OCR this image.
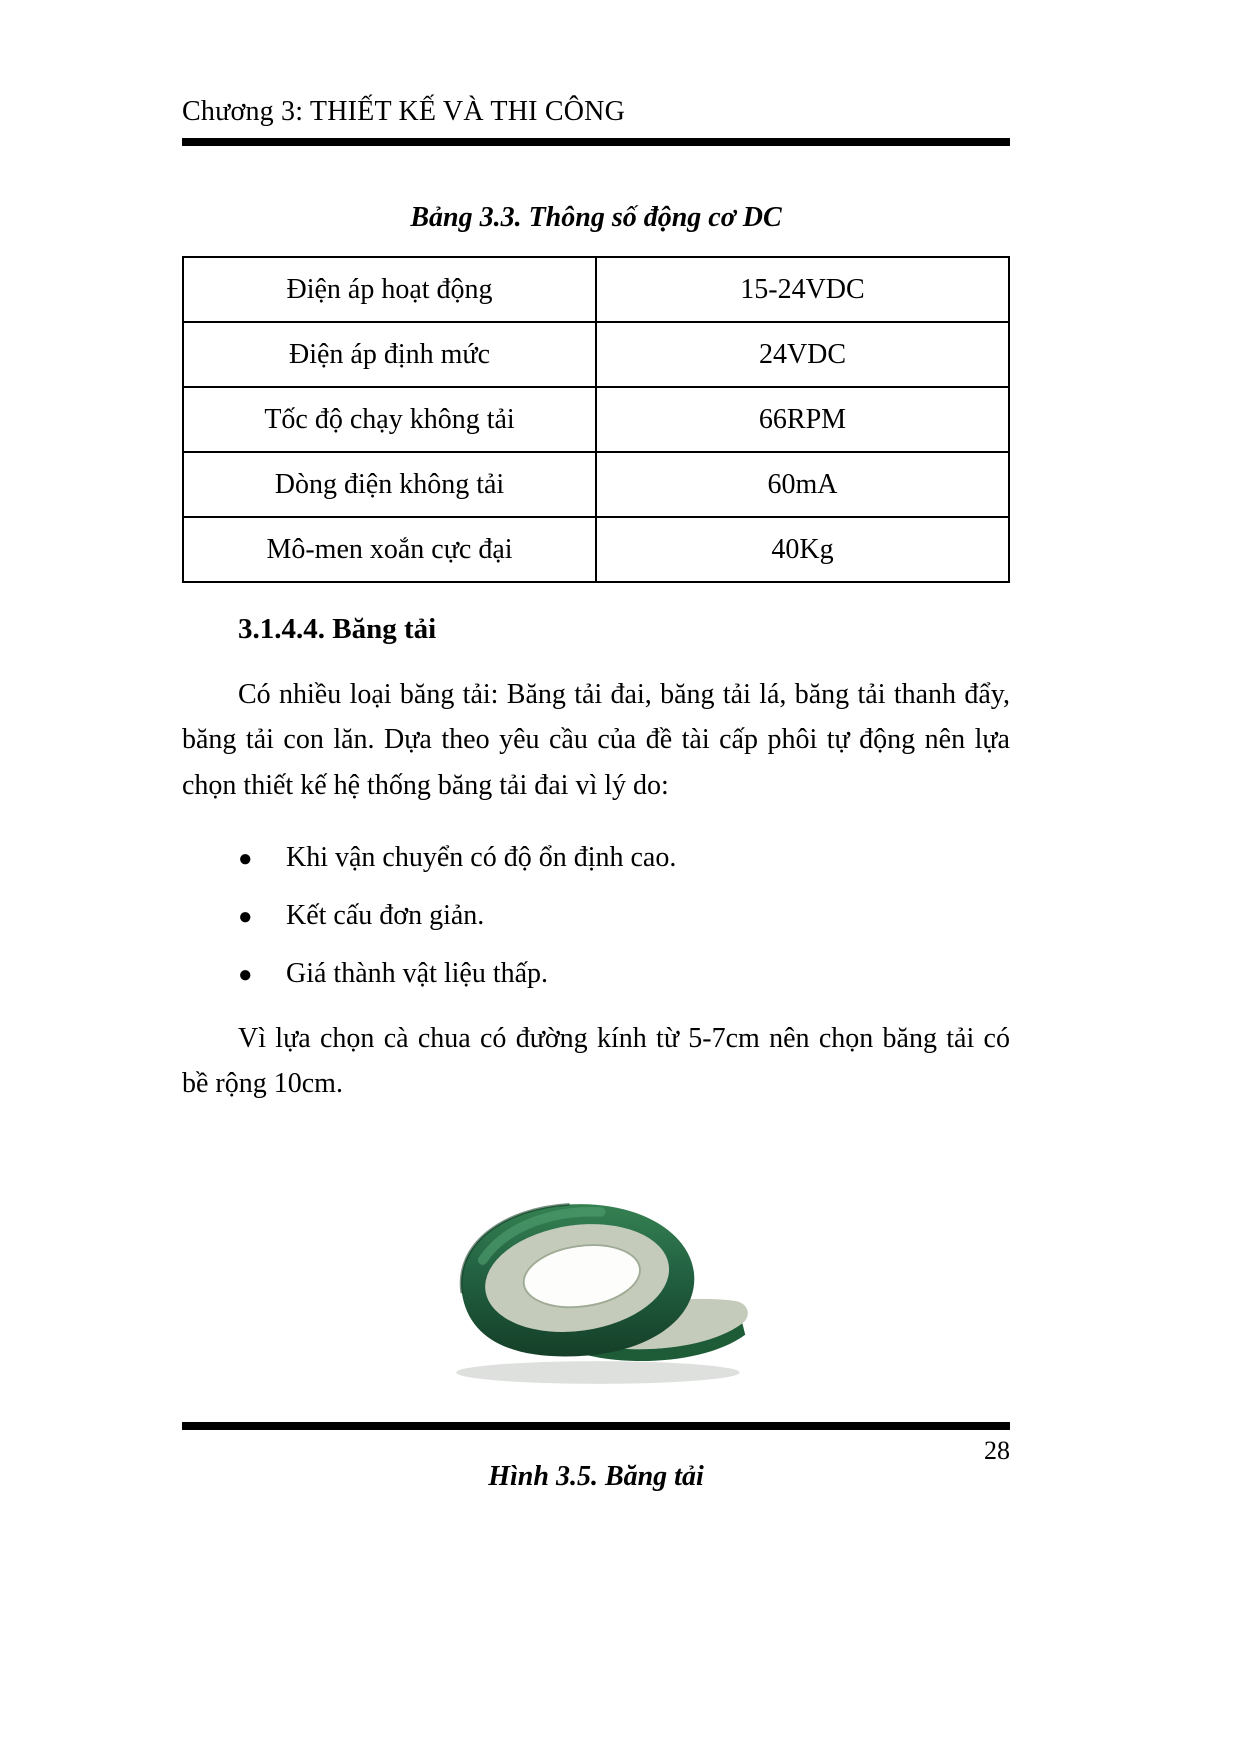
Chương 3: THIẾT KẾ VÀ THI CÔNG

Bảng 3.3. Thông số động cơ DC

Điện áp hoạt động	15-24VDC
Điện áp định mức	24VDC
Tốc độ chạy không tải	66RPM
Dòng điện không tải	60mA
Mô-men xoắn cực đại	40Kg
3.1.4.4. Băng tải

Có nhiều loại băng tải: Băng tải đai, băng tải lá, băng tải thanh đẩy, băng tải con lăn. Dựa theo yêu cầu của đề tài cấp phôi tự động nên lựa chọn thiết kế hệ thống băng tải đai vì lý do:

●	Khi vận chuyển có độ ổn định cao.
●	Kết cấu đơn giản.
●	Giá thành vật liệu thấp.

Vì lựa chọn cà chua có đường kính từ 5-7cm nên chọn băng tải có bề rộng 10cm.

Hình 3.5. Băng tải
28
